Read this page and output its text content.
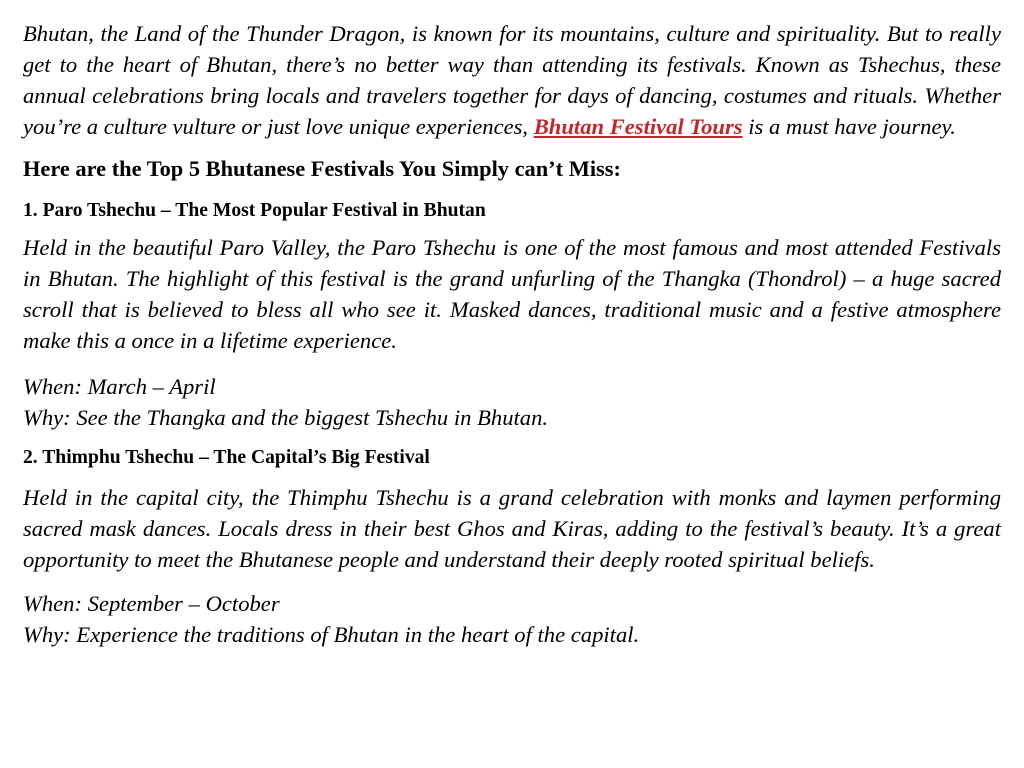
Bhutan, the Land of the Thunder Dragon, is known for its mountains, culture and spirituality. But to really get to the heart of Bhutan, there’s no better way than attending its festivals. Known as Tshechus, these annual celebrations bring locals and travelers together for days of dancing, costumes and rituals. Whether you’re a culture vulture or just love unique experiences, Bhutan Festival Tours is a must have journey.

Here are the Top 5 Bhutanese Festivals You Simply can’t Miss:
1. Paro Tshechu – The Most Popular Festival in Bhutan

Held in the beautiful Paro Valley, the Paro Tshechu is one of the most famous and most attended Festivals in Bhutan. The highlight of this festival is the grand unfurling of the Thangka (Thondrol) – a huge sacred scroll that is believed to bless all who see it. Masked dances, traditional music and a festive atmosphere make this a once in a lifetime experience.

When: March – April

Why: See the Thangka and the biggest Tshechu in Bhutan.

2. Thimphu Tshechu – The Capital’s Big Festival

Held in the capital city, the Thimphu Tshechu is a grand celebration with monks and laymen performing sacred mask dances. Locals dress in their best Ghos and Kiras, adding to the festival’s beauty. It’s a great opportunity to meet the Bhutanese people and understand their deeply rooted spiritual beliefs.

When: September – October

Why: Experience the traditions of Bhutan in the heart of the capital.
